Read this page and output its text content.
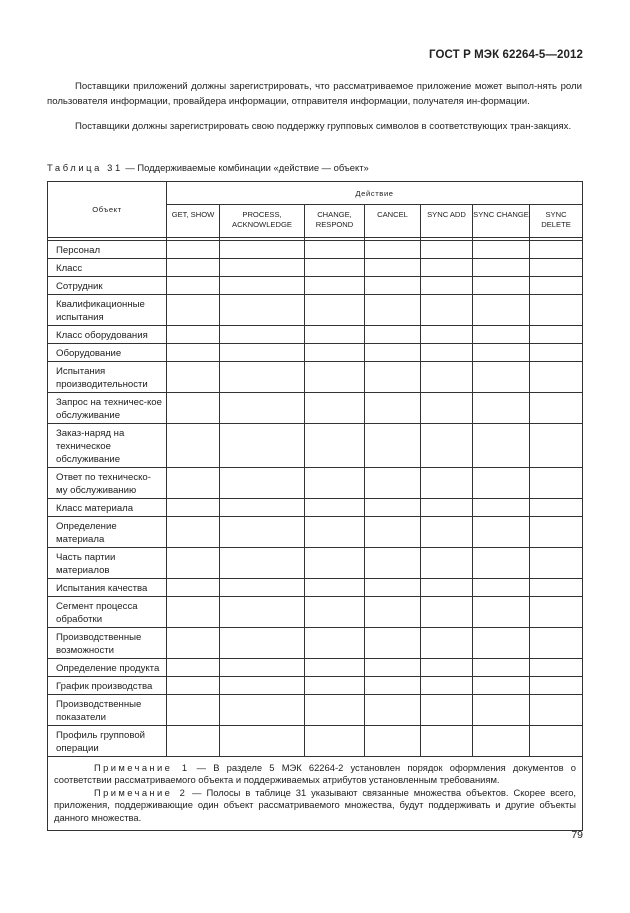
ГОСТ Р МЭК 62264-5—2012

Поставщики приложений должны зарегистрировать, что рассматриваемое приложение может выпол-нять роли пользователя информации, провайдера информации, отправителя информации, получателя ин-формации.

Поставщики должны зарегистрировать свою поддержку групповых символов в соответствующих тран-закциях.

Таблица 31 — Поддерживаемые комбинации «действие — объект»
Объект	Действие						
	GET, SHOW	PROCESS, ACKNOWLEDGE	CHANGE, RESPOND	CANCEL	SYNC ADD	SYNC CHANGE	SYNC DELETE

Персонал							
Класс							
Сотрудник							
Квалификационные испытания							
Класс оборудования							
Оборудование							
Испытания производительности							
Запрос на техничес-кое обслуживание							
Заказ-наряд на техническое обслуживание							
Ответ по техническо-му обслуживанию							
Класс материала							
Определение материала							
Часть партии материалов							
Испытания качества							
Сегмент процесса обработки							
Производственные возможности							
Определение продукта							
График производства							
Производственные показатели							
Профиль групповой операции							

Примечание 1 — В разделе 5 МЭК 62264-2 установлен порядок оформления документов о соответствии рассматриваемого объекта и поддерживаемых атрибутов установленным требованиям.

Примечание 2 — Полосы в таблице 31 указывают связанные множества объектов. Скорее всего, приложения, поддерживающие один объект рассматриваемого множества, будут поддерживать и другие объекты данного множества.							

79
